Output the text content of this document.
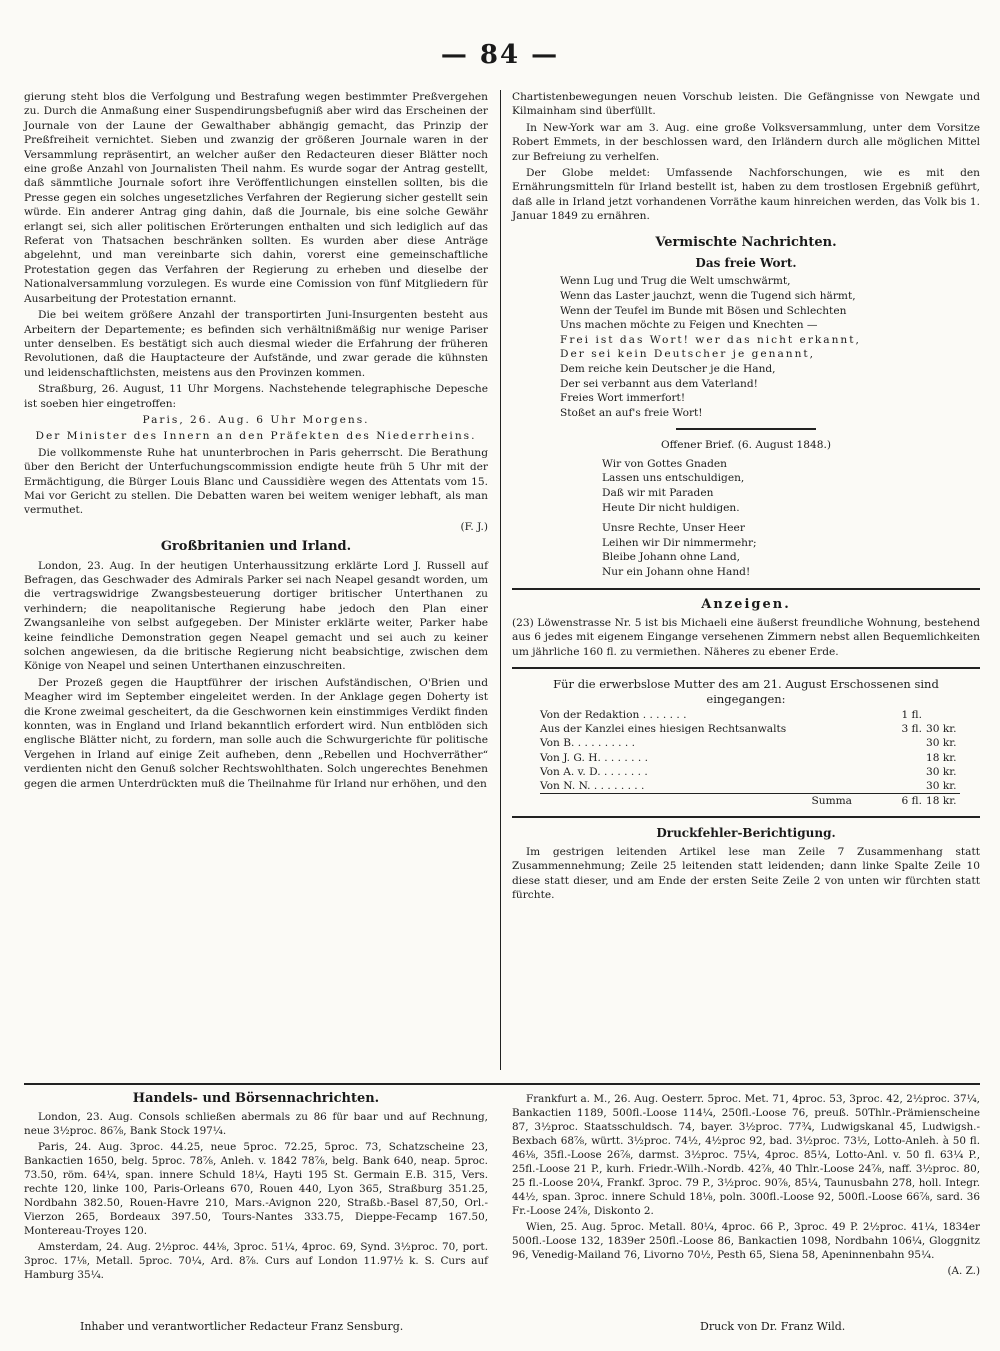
— 84 —

gierung steht blos die Verfolgung und Bestrafung wegen bestimmter Preßvergehen zu. Durch die Anmaßung einer Suspendirungsbefugniß aber wird das Erscheinen der Journale von der Laune der Gewalthaber abhängig gemacht, das Prinzip der Preßfreiheit vernichtet. Sieben und zwanzig der größeren Journale waren in der Versammlung repräsentirt, an welcher außer den Redacteuren dieser Blätter noch eine große Anzahl von Journalisten Theil nahm. Es wurde sogar der Antrag gestellt, daß sämmtliche Journale sofort ihre Veröffentlichungen einstellen sollten, bis die Presse gegen ein solches ungesetzliches Verfahren der Regierung sicher gestellt sein würde. Ein anderer Antrag ging dahin, daß die Journale, bis eine solche Gewähr erlangt sei, sich aller politischen Erörterungen enthalten und sich lediglich auf das Referat von Thatsachen beschränken sollten. Es wurden aber diese Anträge abgelehnt, und man vereinbarte sich dahin, vorerst eine gemeinschaftliche Protestation gegen das Verfahren der Regierung zu erheben und dieselbe der Nationalversammlung vorzulegen. Es wurde eine Comission von fünf Mitgliedern für Ausarbeitung der Protestation ernannt.

Die bei weitem größere Anzahl der transportirten Juni-Insurgenten besteht aus Arbeitern der Departemente; es befinden sich verhältnißmäßig nur wenige Pariser unter denselben. Es bestätigt sich auch diesmal wieder die Erfahrung der früheren Revolutionen, daß die Hauptacteure der Aufstände, und zwar gerade die kühnsten und leidenschaftlichsten, meistens aus den Provinzen kommen.

Straßburg, 26. August, 11 Uhr Morgens. Nachstehende telegraphische Depesche ist soeben hier eingetroffen:

Paris, 26. Aug. 6 Uhr Morgens.

Der Minister des Innern an den Präfekten des Niederrheins.

Die vollkommenste Ruhe hat ununterbrochen in Paris geherrscht. Die Berathung über den Bericht der Unterfuchungscommission endigte heute früh 5 Uhr mit der Ermächtigung, die Bürger Louis Blanc und Caussidière wegen des Attentats vom 15. Mai vor Gericht zu stellen. Die Debatten waren bei weitem weniger lebhaft, als man vermuthet.

(F. J.)

Großbritanien und Irland.

London, 23. Aug. In der heutigen Unterhaussitzung erklärte Lord J. Russell auf Befragen, das Geschwader des Admirals Parker sei nach Neapel gesandt worden, um die vertragswidrige Zwangsbesteuerung dortiger britischer Unterthanen zu verhindern; die neapolitanische Regierung habe jedoch den Plan einer Zwangsanleihe von selbst aufgegeben. Der Minister erklärte weiter, Parker habe keine feindliche Demonstration gegen Neapel gemacht und sei auch zu keiner solchen angewiesen, da die britische Regierung nicht beabsichtige, zwischen dem Könige von Neapel und seinen Unterthanen einzuschreiten.

Der Prozeß gegen die Hauptführer der irischen Aufständischen, O'Brien und Meagher wird im September eingeleitet werden. In der Anklage gegen Doherty ist die Krone zweimal gescheitert, da die Geschwornen kein einstimmiges Verdikt finden konnten, was in England und Irland bekanntlich erfordert wird. Nun entblöden sich englische Blätter nicht, zu fordern, man solle auch die Schwurgerichte für politische Vergehen in Irland auf einige Zeit aufheben, denn „Rebellen und Hochverräther“ verdienten nicht den Genuß solcher Rechtswohlthaten. Solch ungerechtes Benehmen gegen die armen Unterdrückten muß die Theilnahme für Irland nur erhöhen, und den

Chartistenbewegungen neuen Vorschub leisten. Die Gefängnisse von Newgate und Kilmainham sind überfüllt.

In New-York war am 3. Aug. eine große Volksversammlung, unter dem Vorsitze Robert Emmets, in der beschlossen ward, den Irländern durch alle möglichen Mittel zur Befreiung zu verhelfen.

Der Globe meldet: Umfassende Nachforschungen, wie es mit den Ernährungsmitteln für Irland bestellt ist, haben zu dem trostlosen Ergebniß geführt, daß alle in Irland jetzt vorhandenen Vorräthe kaum hinreichen werden, das Volk bis 1. Januar 1849 zu ernähren.

Vermischte Nachrichten.
Das freie Wort.
Wenn Lug und Trug die Welt umschwärmt,
Wenn das Laster jauchzt, wenn die Tugend sich härmt,
Wenn der Teufel im Bunde mit Bösen und Schlechten
Uns machen möchte zu Feigen und Knechten —
Frei ist das Wort! wer das nicht erkannt,
Der sei kein Deutscher je genannt,
Dem reiche kein Deutscher je die Hand,
Der sei verbannt aus dem Vaterland!
Freies Wort immerfort!
Stoßet an auf's freie Wort!
Offener Brief. (6. August 1848.)
Wir von Gottes Gnaden
Lassen uns entschuldigen,
Daß wir mit Paraden
Heute Dir nicht huldigen.
Unsre Rechte, Unser Heer
Leihen wir Dir nimmermehr;
Bleibe Johann ohne Land,
Nur ein Johann ohne Hand!
Anzeigen.

(23) Löwenstrasse Nr. 5 ist bis Michaeli eine äußerst freundliche Wohnung, bestehend aus 6 jedes mit eigenem Eingange versehenen Zimmern nebst allen Bequemlichkeiten um jährliche 160 fl. zu vermiethen. Näheres zu ebener Erde.

Für die erwerbslose Mutter des am 21. August Erschossenen sind eingegangen:

Von der Redaktion . . . . . . .	1 fl.	
Aus der Kanzlei eines hiesigen Rechtsanwalts	3 fl.	30 kr.
Von B. . . . . . . . . .		30 kr.
Von J. G. H. . . . . . . .		18 kr.
Von A. v. D. . . . . . . .		30 kr.
Von N. N. . . . . . . . .		30 kr.
Summa	6 fl.	18 kr.
Druckfehler-Berichtigung.

Im gestrigen leitenden Artikel lese man Zeile 7 Zusammenhang statt Zusammennehmung; Zeile 25 leitenden statt leidenden; dann linke Spalte Zeile 10 diese statt dieser, und am Ende der ersten Seite Zeile 2 von unten wir fürchten statt fürchte.

Handels- und Börsennachrichten.

London, 23. Aug. Consols schließen abermals zu 86 für baar und auf Rechnung, neue 3½proc. 86⅞, Bank Stock 197¼.

Paris, 24. Aug. 3proc. 44.25, neue 5proc. 72.25, 5proc. 73, Schatzscheine 23, Bankactien 1650, belg. 5proc. 78⅞, Anleh. v. 1842 78⅞, belg. Bank 640, neap. 5proc. 73.50, röm. 64¼, span. innere Schuld 18¼, Hayti 195 St. Germain E.B. 315, Vers. rechte 120, linke 100, Paris-Orleans 670, Rouen 440, Lyon 365, Straßburg 351.25, Nordbahn 382.50, Rouen-Havre 210, Mars.-Avignon 220, Straßb.-Basel 87,50, Orl.-Vierzon 265, Bordeaux 397.50, Tours-Nantes 333.75, Dieppe-Fecamp 167.50, Montereau-Troyes 120.

Amsterdam, 24. Aug. 2½proc. 44⅛, 3proc. 51¼, 4proc. 69, Synd. 3½proc. 70, port. 3proc. 17⅛, Metall. 5proc. 70¼, Ard. 8⅞. Curs auf London 11.97½ k. S. Curs auf Hamburg 35¼.

Frankfurt a. M., 26. Aug. Oesterr. 5proc. Met. 71, 4proc. 53, 3proc. 42, 2½proc. 37¼, Bankactien 1189, 500fl.-Loose 114¼, 250fl.-Loose 76, preuß. 50Thlr.-Prämienscheine 87, 3½proc. Staatsschuldsch. 74, bayer. 3½proc. 77¾, Ludwigskanal 45, Ludwigsh.-Bexbach 68⅞, württ. 3½proc. 74½, 4½proc 92, bad. 3½proc. 73½, Lotto-Anleh. à 50 fl. 46⅛, 35fl.-Loose 26⅞, darmst. 3½proc. 75¼, 4proc. 85¼, Lotto-Anl. v. 50 fl. 63¼ P., 25fl.-Loose 21 P., kurh. Friedr.-Wilh.-Nordb. 42⅞, 40 Thlr.-Loose 24⅞, naff. 3½proc. 80, 25 fl.-Loose 20¼, Frankf. 3proc. 79 P., 3½proc. 90⅞, 85¼, Taunusbahn 278, holl. Integr. 44½, span. 3proc. innere Schuld 18⅛, poln. 300fl.-Loose 92, 500fl.-Loose 66⅞, sard. 36 Fr.-Loose 24⅞, Diskonto 2.

Wien, 25. Aug. 5proc. Metall. 80¼, 4proc. 66 P., 3proc. 49 P. 2½proc. 41¼, 1834er 500fl.-Loose 132, 1839er 250fl.-Loose 86, Bankactien 1098, Nordbahn 106¼, Gloggnitz 96, Venedig-Mailand 76, Livorno 70½, Pesth 65, Siena 58, Apeninnenbahn 95¼.

(A. Z.)

Inhaber und verantwortlicher Redacteur Franz Sensburg.	Druck von Dr. Franz Wild.
